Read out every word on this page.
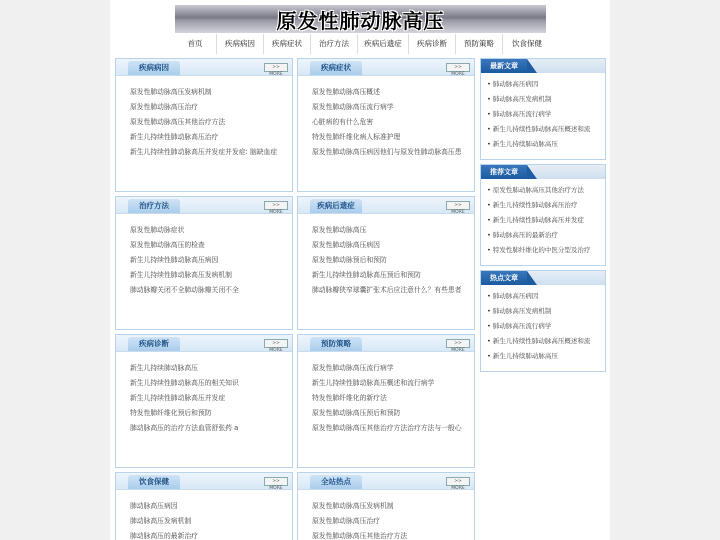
原发性肺动脉高压
首页	疾病病因	疾病症状	治疗方法	疾病后遗症	疾病诊断	预防策略	饮食保健
疾病病因	>> MORE
原发性肺动脉高压发病机制
原发性肺动脉高压治疗
原发性肺动脉高压其他治疗方法
新生儿持续性肺动脉高压治疗
新生儿持续性肺动脉高压并发症并发症: 脑缺血症
疾病症状	>> MORE
原发性肺动脉高压概述
原发性肺动脉高压流行病学
心脏病的有什么危害
特发性肺纤维化病人标准护理
原发性肺动脉高压病因他们与原发性肺动脉高压患
治疗方法	>> MORE
原发性肺动脉症状
原发性肺动脉高压的检查
新生儿持续性肺动脉高压病因
新生儿持续性肺动脉高压发病机制
肺动脉瓣关闭不全肺动脉瓣关闭不全
疾病后遗症	>> MORE
原发性肺动脉高压
原发性肺动脉高压病因
原发性肺动脉预后和预防
新生儿持续性肺动脉高压预后和预防
肺动脉瓣狭窄球囊扩张术后应注意什么？有些患者
疾病诊断	>> MORE
新生儿持续肺动脉高压
新生儿持续性肺动脉高压的相关知识
新生儿持续性肺动脉高压并发症
特发性肺纤维化预后和预防
肺动脉高压的治疗方法血管舒张药 a
预防策略	>> MORE
原发性肺动脉高压流行病学
新生儿持续性肺动脉高压概述和流行病学
特发性肺纤维化的新疗法
原发性肺动脉高压预后和预防
原发性肺动脉高压其他治疗方法治疗方法与一般心
饮食保健	>> MORE
肺动脉高压病因
肺动脉高压发病机制
肺动脉高压的最新治疗
全站热点	>> MORE
原发性肺动脉高压发病机制
原发性肺动脉高压治疗
原发性肺动脉高压其他治疗方法
最新文章
• 肺动脉高压病因
• 肺动脉高压发病机制
• 肺动脉高压流行病学
• 新生儿持续性肺动脉高压概述和流
• 新生儿持续肺动脉高压
推荐文章
• 原发性肺动脉高压其他治疗方法
• 新生儿持续性肺动脉高压治疗
• 新生儿持续性肺动脉高压并发症
• 肺动脉高压的最新治疗
• 特发性肺纤维化的中医分型及治疗
热点文章
• 肺动脉高压病因
• 肺动脉高压发病机制
• 肺动脉高压流行病学
• 新生儿持续性肺动脉高压概述和流
• 新生儿持续肺动脉高压
